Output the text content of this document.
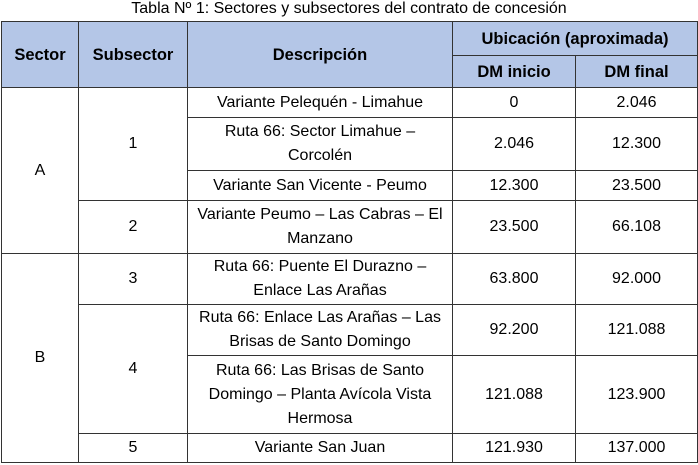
Tabla Nº 1: Sectores y subsectores del contrato de concesión
Sector	Subsector	Descripción	Ubicación (aproximada)	
			DM inicio	DM final
A	1	Variante Pelequén - Limahue	0	2.046
		Ruta 66: Sector Limahue – Corcolén	2.046	12.300
		Variante San Vicente - Peumo	12.300	23.500
	2	Variante Peumo – Las Cabras – El Manzano	23.500	66.108
B	3	Ruta 66: Puente El Durazno – Enlace Las Arañas	63.800	92.000
	4	Ruta 66: Enlace Las Arañas – Las Brisas de Santo Domingo	92.200	121.088
		Ruta 66: Las Brisas de Santo Domingo – Planta Avícola Vista Hermosa	121.088	123.900
	5	Variante San Juan	121.930	137.000
